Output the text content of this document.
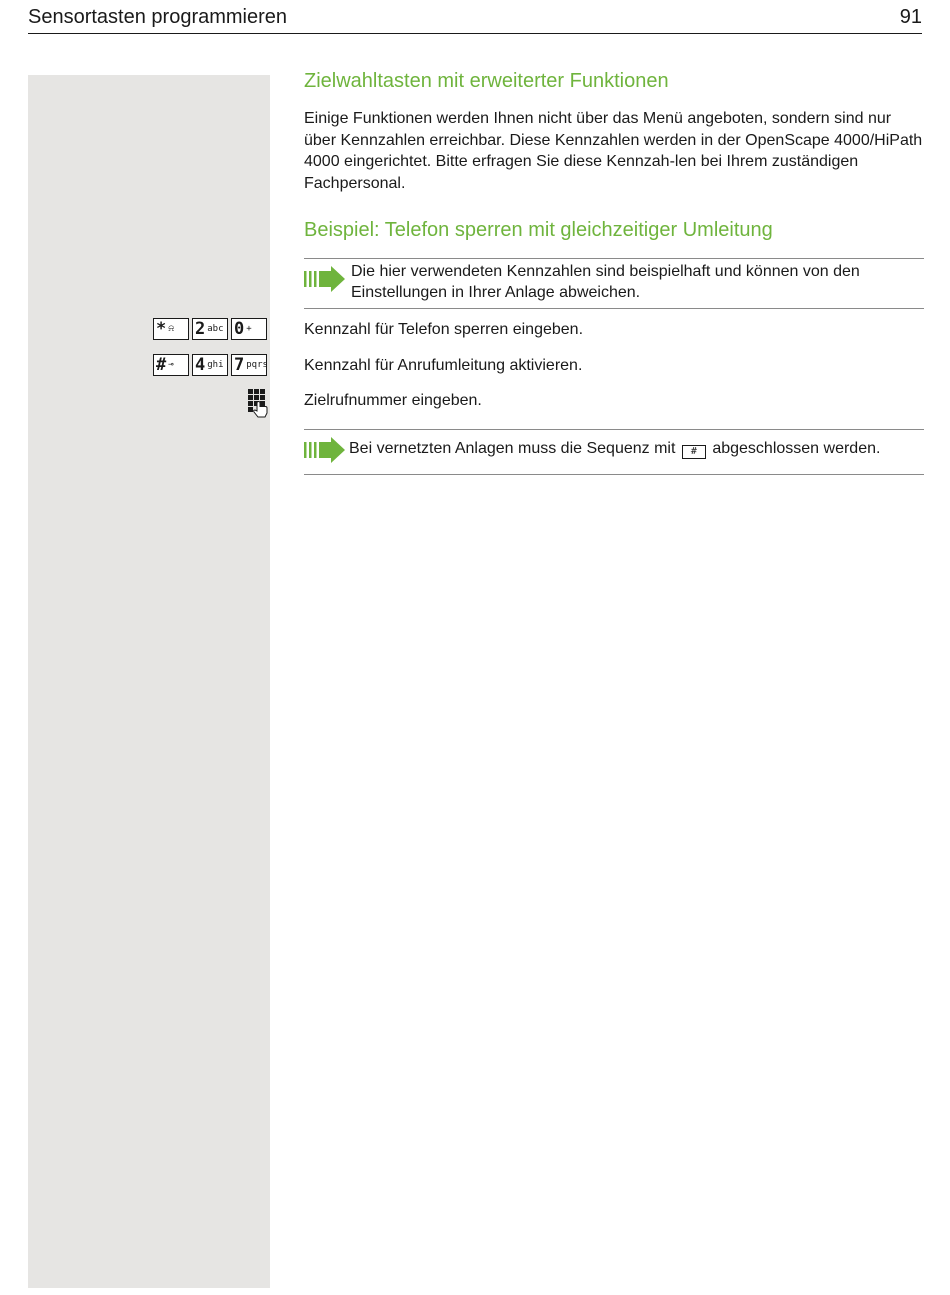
Sensortasten programmieren	91
Zielwahltasten mit erweiterter Funktionen
Einige Funktionen werden Ihnen nicht über das Menü angeboten, sondern sind nur über Kennzahlen erreichbar. Diese Kennzahlen werden in der OpenScape 4000/HiPath 4000 eingerichtet. Bitte erfragen Sie diese Kennzah-len bei Ihrem zuständigen Fachpersonal.
Beispiel: Telefon sperren mit gleichzeitiger Umleitung
Die hier verwendeten Kennzahlen sind beispielhaft und können von den Einstellungen in Ihrer Anlage abweichen.
* ⍾ 2 abc 0 +	Kennzahl für Telefon sperren eingeben.
# ⊸ 4 ghi 7 pqrs Kennzahl für Anrufumleitung aktivieren.
Zielrufnummer eingeben.
Bei vernetzten Anlagen muss die Sequenz mit # abgeschlossen werden.
